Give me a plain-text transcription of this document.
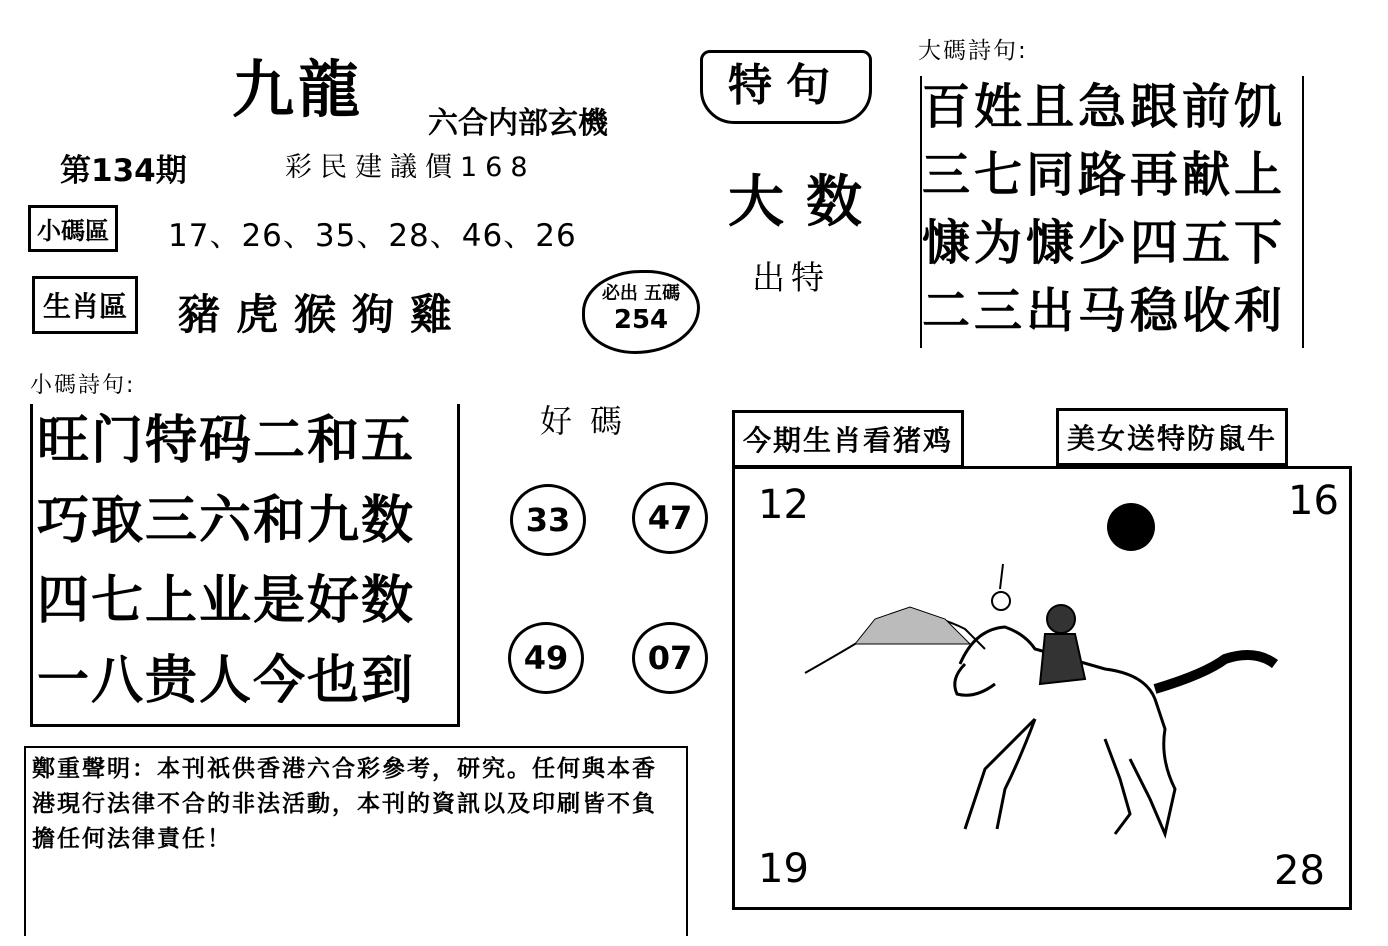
九龍 六合内部玄機
第134期	彩民建議價168
小碼區 17、26、35、28、46、26
生肖區 豬虎猴狗雞	必出 五碼
254
特句
大数
出特
大碼詩句:
百姓且急跟前饥
三七同路再献上
慷为慷少四五下
二三出马稳收利
小碼詩句:
旺门特码二和五
巧取三六和九数
四七上业是好数
一八贵人今也到
好碼
33	47
49	07
今期生肖看猪鸡	美女送特防鼠牛
12	16
19	28
鄭重聲明：本刊祇供香港六合彩參考，研究。任何與本香港現行法律不合的非法活動，本刊的資訊以及印刷皆不負擔任何法律責任！
